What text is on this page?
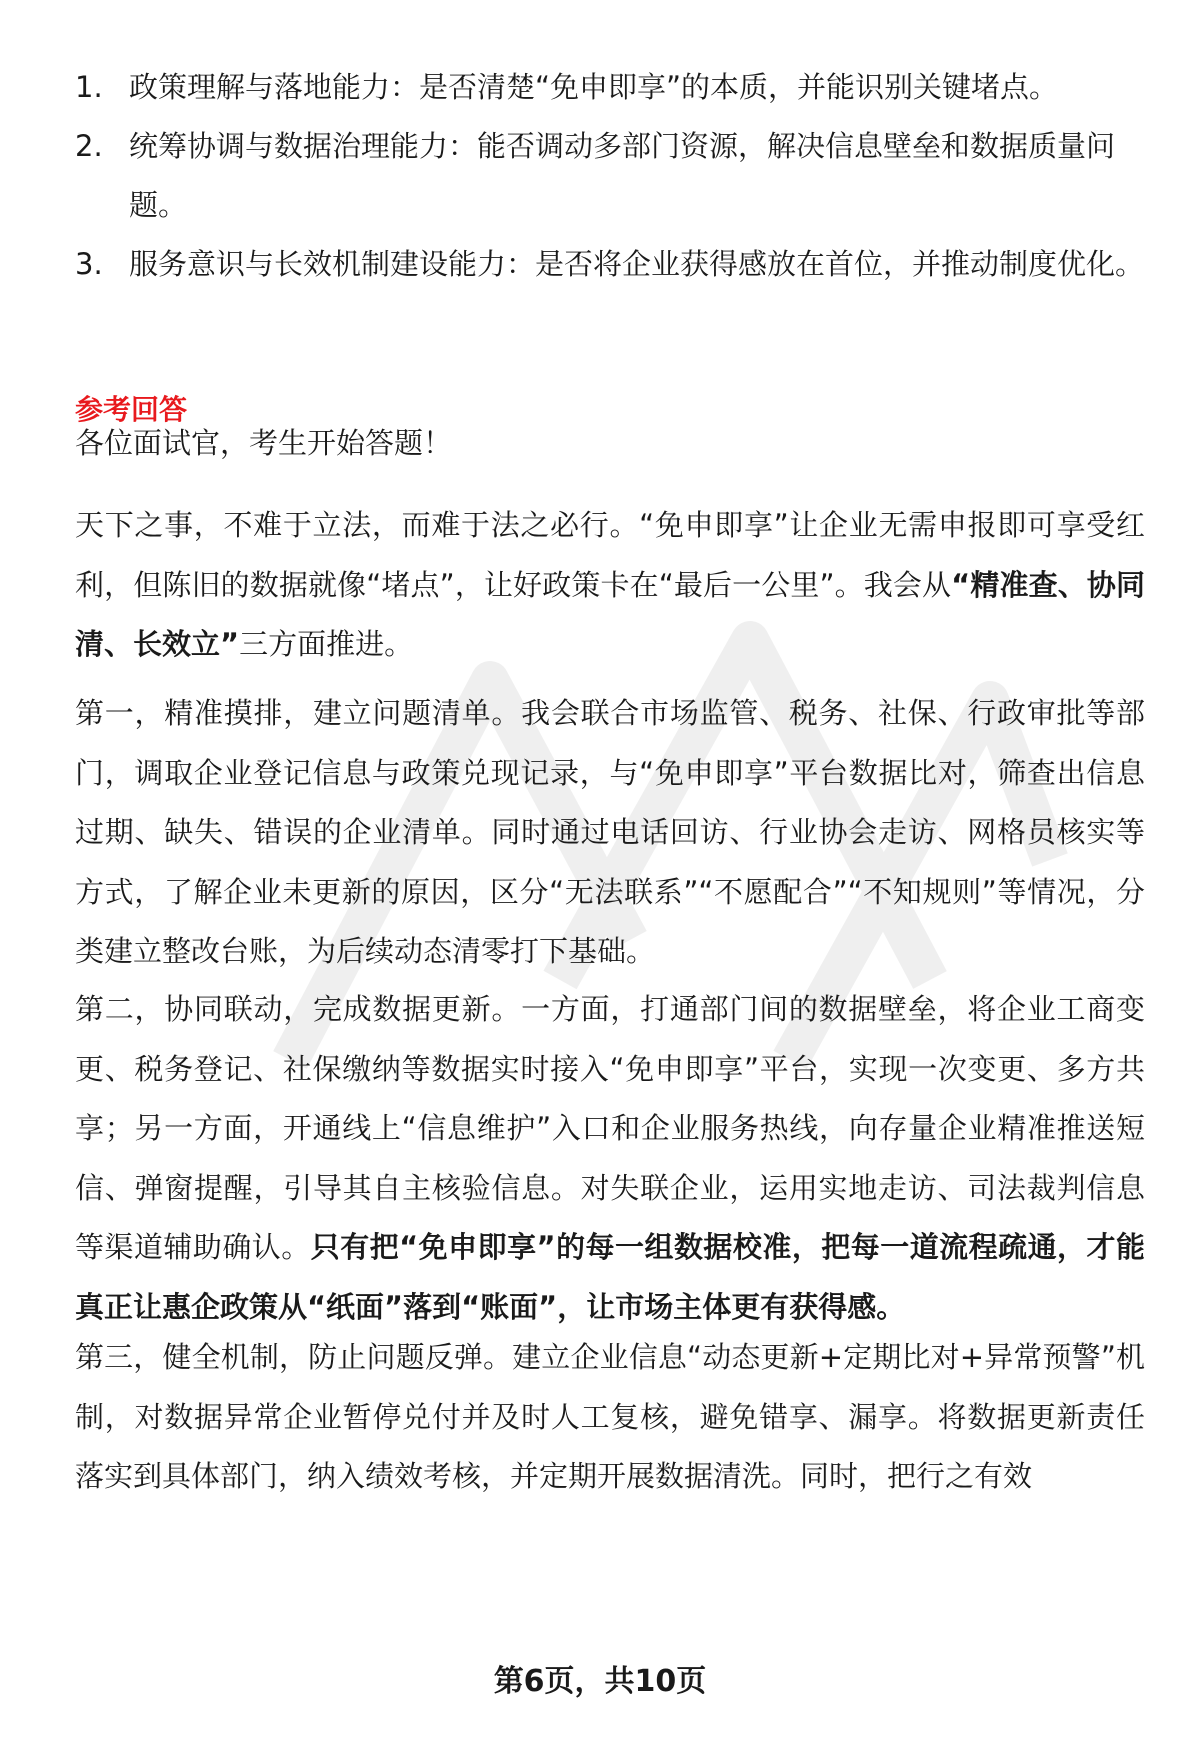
1. 政策理解与落地能力：是否清楚“免申即享”的本质，并能识别关键堵点。
2. 统筹协调与数据治理能力：能否调动多部门资源，解决信息壁垒和数据质量问题。
3. 服务意识与长效机制建设能力：是否将企业获得感放在首位，并推动制度优化。
参考回答
各位面试官，考生开始答题！
天下之事，不难于立法，而难于法之必行。“免申即享”让企业无需申报即可享受红利，但陈旧的数据就像“堵点”，让好政策卡在“最后一公里”。我会从“精准查、协同清、长效立”三方面推进。
第一，精准摸排，建立问题清单。我会联合市场监管、税务、社保、行政审批等部门，调取企业登记信息与政策兑现记录，与“免申即享”平台数据比对，筛查出信息过期、缺失、错误的企业清单。同时通过电话回访、行业协会走访、网格员核实等方式，了解企业未更新的原因，区分“无法联系”“不愿配合”“不知规则”等情况，分类建立整改台账，为后续动态清零打下基础。
第二，协同联动，完成数据更新。一方面，打通部门间的数据壁垒，将企业工商变更、税务登记、社保缴纳等数据实时接入“免申即享”平台，实现一次变更、多方共享；另一方面，开通线上“信息维护”入口和企业服务热线，向存量企业精准推送短信、弹窗提醒，引导其自主核验信息。对失联企业，运用实地走访、司法裁判信息等渠道辅助确认。只有把“免申即享”的每一组数据校准，把每一道流程疏通，才能真正让惠企政策从“纸面”落到“账面”，让市场主体更有获得感。
第三，健全机制，防止问题反弹。建立企业信息“动态更新+定期比对+异常预警”机制，对数据异常企业暂停兑付并及时人工复核，避免错享、漏享。将数据更新责任落实到具体部门，纳入绩效考核，并定期开展数据清洗。同时，把行之有效
第6页，共10页
